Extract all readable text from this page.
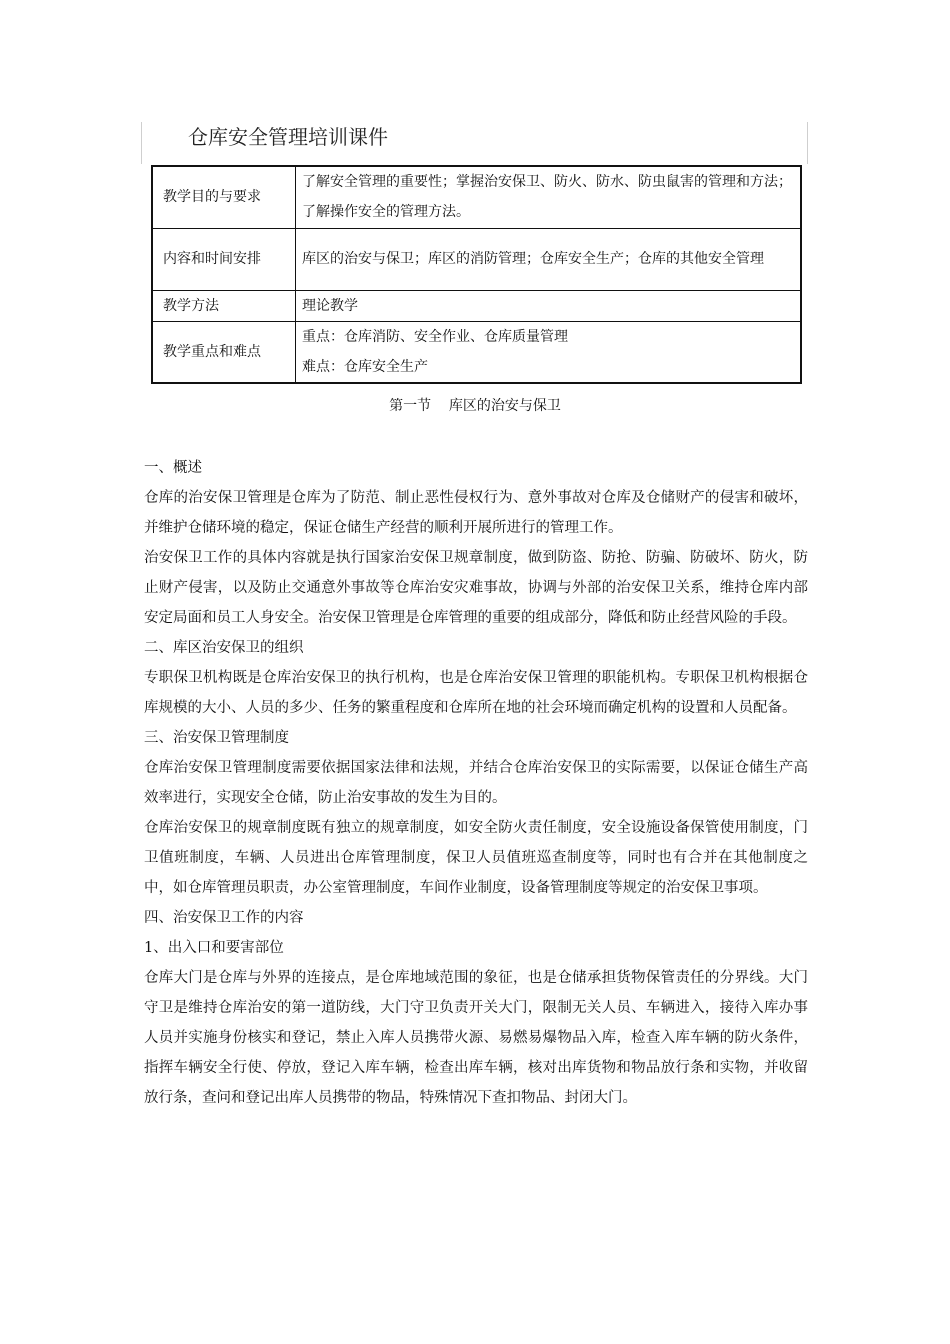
仓库安全管理培训课件
教学目的与要求	了解安全管理的重要性；掌握治安保卫、防火、防水、防虫鼠害的管理和方法；了解操作安全的管理方法。
内容和时间安排	库区的治安与保卫；库区的消防管理；仓库安全生产；仓库的其他安全管理
教学方法	理论教学
教学重点和难点	重点：仓库消防、安全作业、仓库质量管理
难点：仓库安全生产
第一节    库区的治安与保卫

一、概述

仓库的治安保卫管理是仓库为了防范、制止恶性侵权行为、意外事故对仓库及仓储财产的侵害和破坏，并维护仓储环境的稳定，保证仓储生产经营的顺利开展所进行的管理工作。

治安保卫工作的具体内容就是执行国家治安保卫规章制度，做到防盗、防抢、防骗、防破坏、防火，防止财产侵害，以及防止交通意外事故等仓库治安灾难事故，协调与外部的治安保卫关系，维持仓库内部安定局面和员工人身安全。治安保卫管理是仓库管理的重要的组成部分，降低和防止经营风险的手段。

二、库区治安保卫的组织

专职保卫机构既是仓库治安保卫的执行机构，也是仓库治安保卫管理的职能机构。专职保卫机构根据仓库规模的大小、人员的多少、任务的繁重程度和仓库所在地的社会环境而确定机构的设置和人员配备。

三、治安保卫管理制度

仓库治安保卫管理制度需要依据国家法律和法规，并结合仓库治安保卫的实际需要，以保证仓储生产高效率进行，实现安全仓储，防止治安事故的发生为目的。

仓库治安保卫的规章制度既有独立的规章制度，如安全防火责任制度，安全设施设备保管使用制度，门卫值班制度，车辆、人员进出仓库管理制度，保卫人员值班巡查制度等，同时也有合并在其他制度之中，如仓库管理员职责，办公室管理制度，车间作业制度，设备管理制度等规定的治安保卫事项。

四、治安保卫工作的内容

1、出入口和要害部位

仓库大门是仓库与外界的连接点，是仓库地域范围的象征，也是仓储承担货物保管责任的分界线。大门守卫是维持仓库治安的第一道防线，大门守卫负责开关大门，限制无关人员、车辆进入，接待入库办事人员并实施身份核实和登记，禁止入库人员携带火源、易燃易爆物品入库，检查入库车辆的防火条件，指挥车辆安全行使、停放，登记入库车辆，检查出库车辆，核对出库货物和物品放行条和实物，并收留放行条，查问和登记出库人员携带的物品，特殊情况下查扣物品、封闭大门。
